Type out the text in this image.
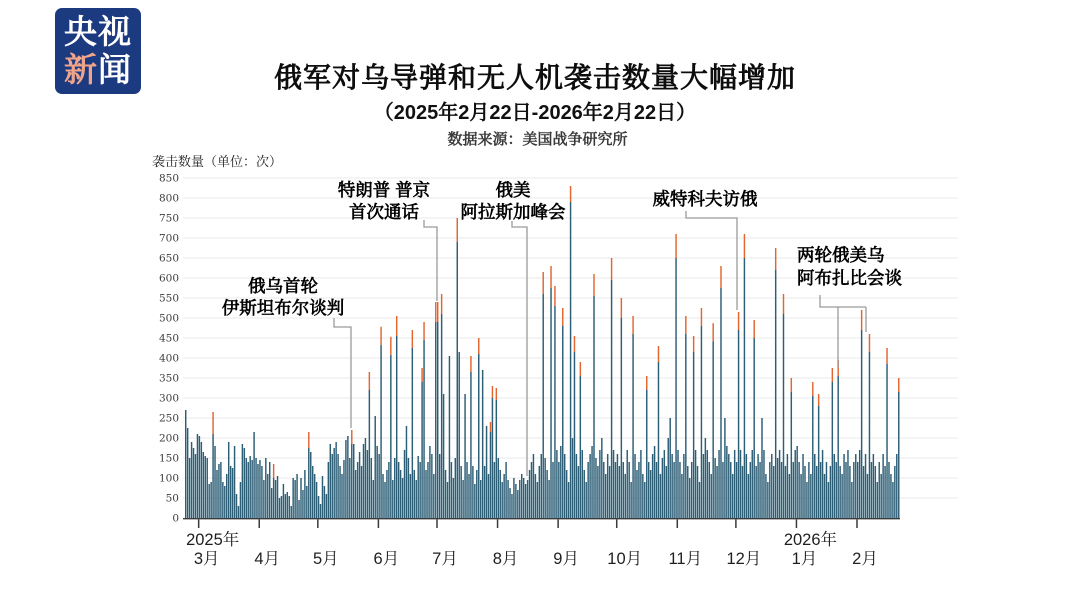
央视
新闻	俄军对乌导弹和无人机袭击数量大幅增加
（2025年2月22日-2026年2月22日）
数据来源：美国战争研究所
袭击数量（单位：次）
0
50
100
150
200
250
300
350
400
450
500
550
600
650
700
750
800
850
3月
2025年
4月 5月 6月 7月 8月 9月 10月 11月 12月 1月
2026年
2月
俄乌首轮
伊斯坦布尔谈判
特朗普 普京
首次通话
俄美
阿拉斯加峰会
威特科夫访俄
两轮俄美乌
阿布扎比会谈
